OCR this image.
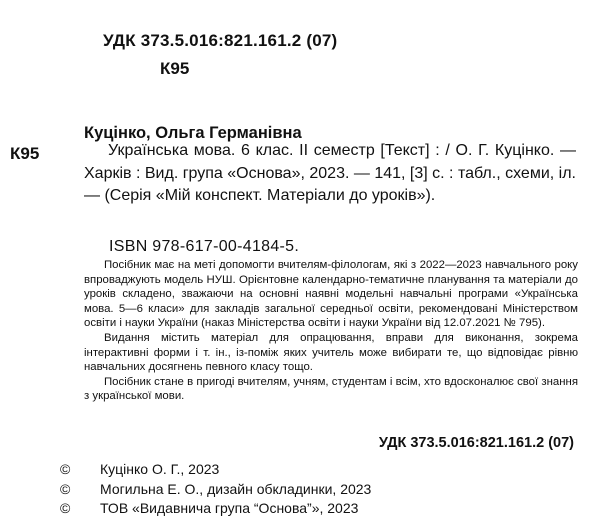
УДК 373.5.016:821.161.2 (07)
К95
Куцінко, Ольга Германівна
К95	Українська мова. 6 клас. II семестр [Текст] : / О. Г. Куцінко. — Харків : Вид. група «Основа», 2023. — 141, [3] с. : табл., схеми, іл. — (Серія «Мій конспект. Матеріали до уроків»).

ISBN 978-617-00-4184-5.

Посібник має на меті допомогти вчителям-філологам, які з 2022—2023 навчального року впроваджують модель НУШ. Орієнтовне календарно-тематичне планування та матеріали до уроків складено, зважаючи на основні наявні модельні навчальні програми «Українська мова. 5—6 класи» для закладів загальної середньої освіти, рекомендовані Міністерством освіти і науки України (наказ Міністерства освіти і науки України від 12.07.2021 № 795).

Видання містить матеріал для опрацювання, вправи для виконання, зокрема інтерактивні форми і т. ін., із-поміж яких учитель може вибирати те, що відповідає рівню навчальних досягнень певного класу тощо.

Посібник стане в пригоді вчителям, учням, студентам і всім, хто вдосконалює свої знання з української мови.

УДК 373.5.016:821.161.2 (07)
© Куцінко О. Г., 2023
© Могильна Е. О., дизайн обкладинки, 2023
© ТОВ «Видавнича група “Основа”», 2023
